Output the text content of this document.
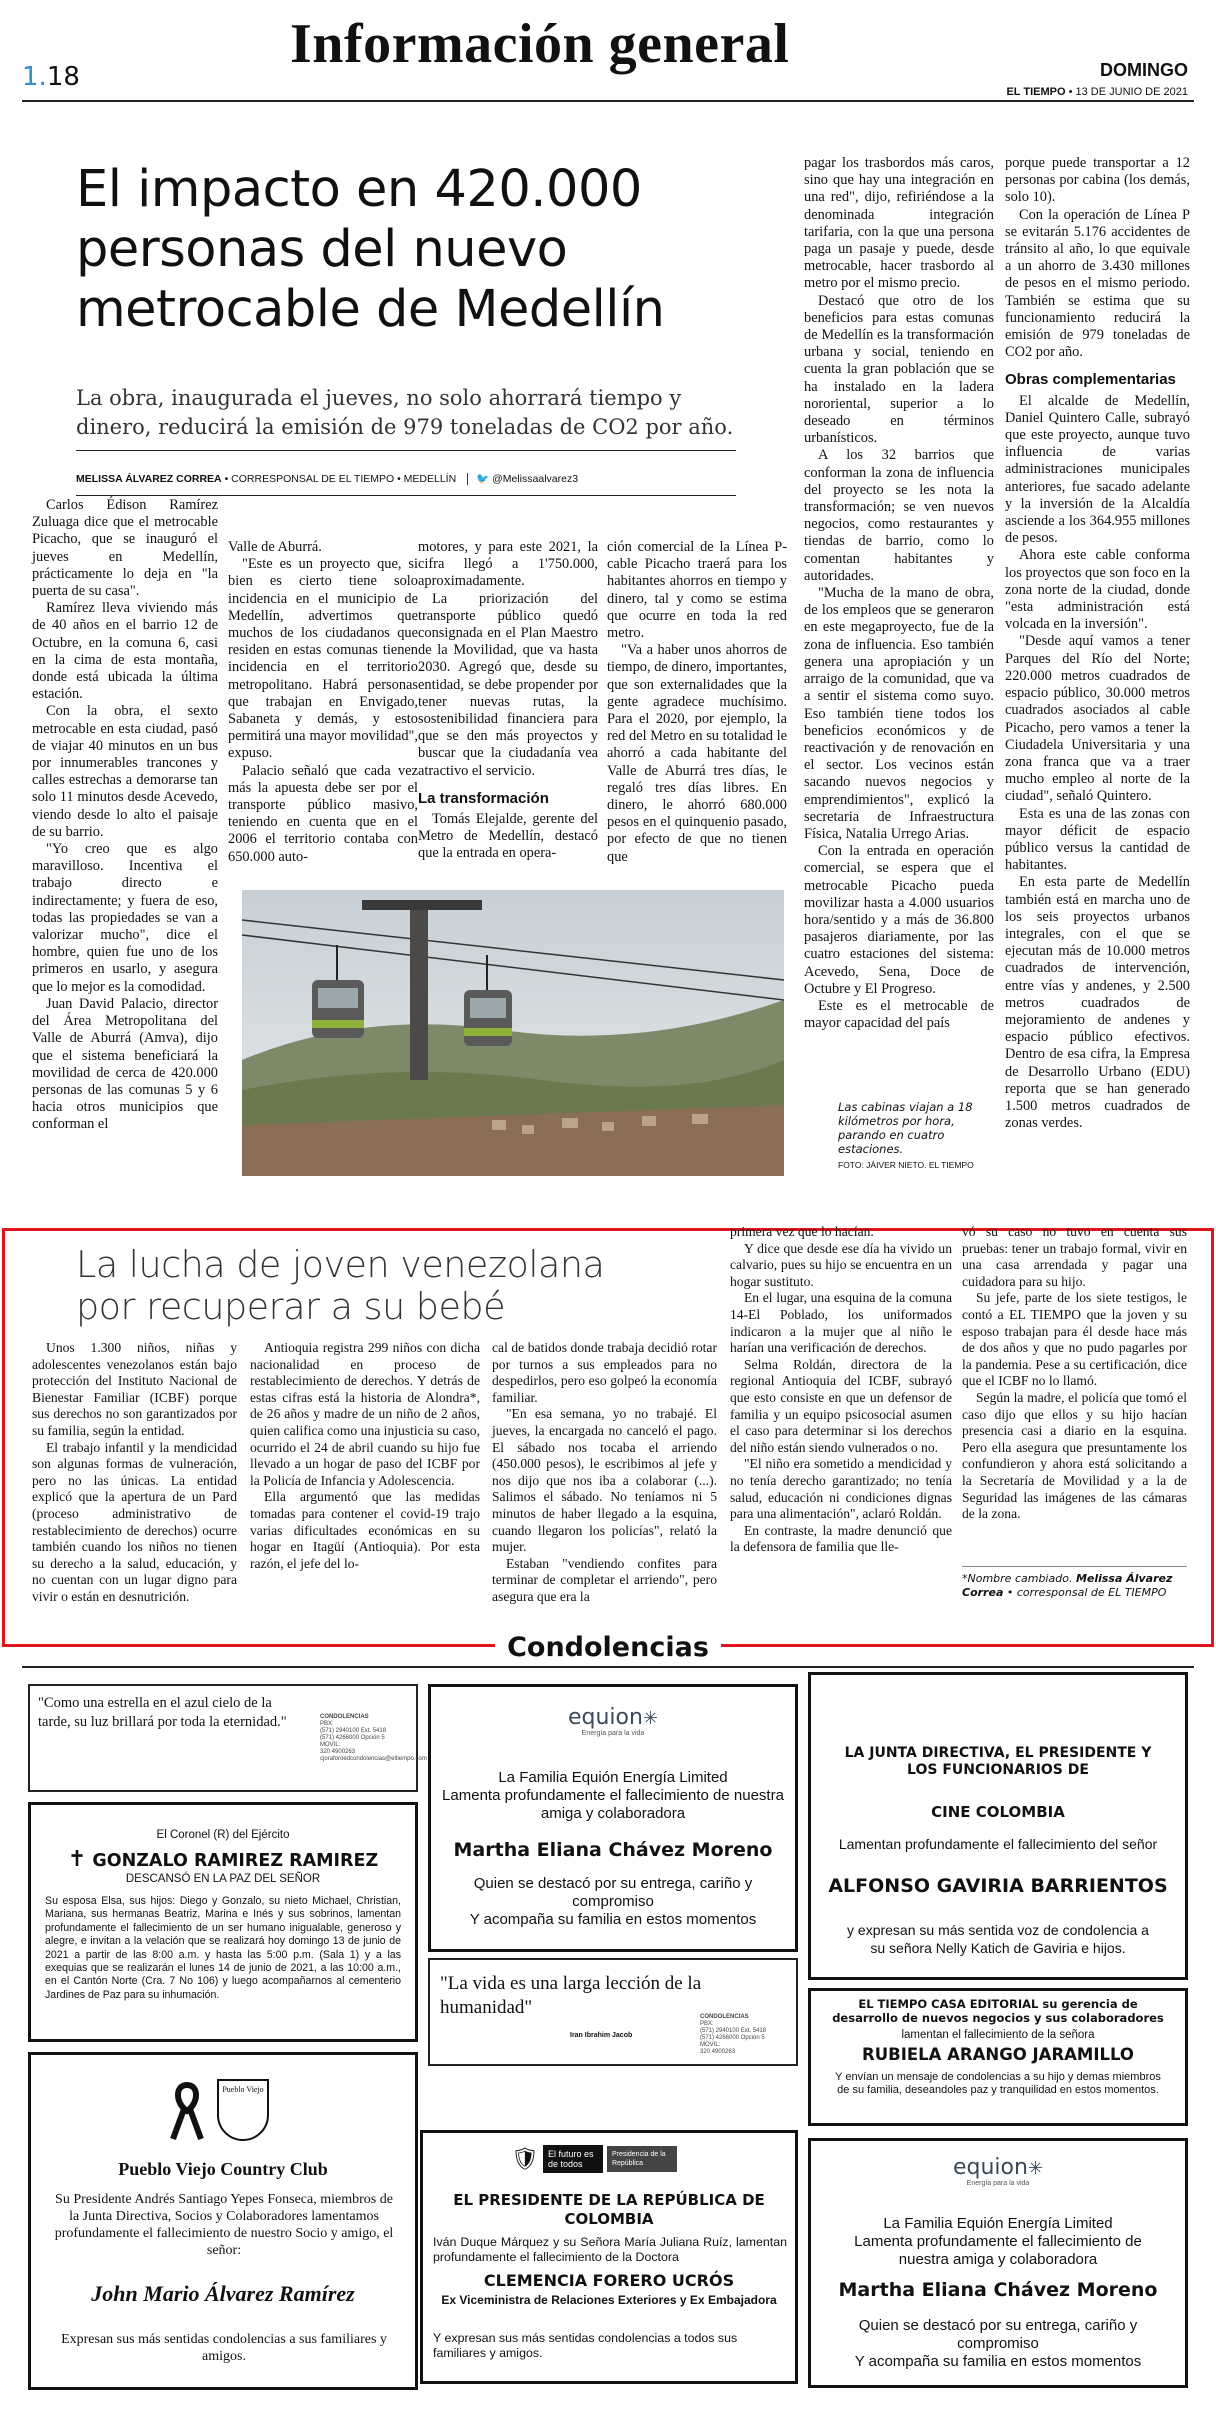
1.18
Información general	DOMINGO
EL TIEMPO • 13 DE JUNIO DE 2021
El impacto en 420.000 personas del nuevo metrocable de Medellín
La obra, inaugurada el jueves, no solo ahorrará tiempo y dinero, reducirá la emisión de 979 toneladas de CO2 por año.
MELISSA ÁLVAREZ CORREA • CORRESPONSAL DE EL TIEMPO • MEDELLÍN 🐦 @Melissaalvarez3

Carlos Édison Ramírez Zuluaga dice que el metrocable Picacho, que se inauguró el jueves en Medellín, prácticamente lo deja en "la puerta de su casa".

Ramírez lleva viviendo más de 40 años en el barrio 12 de Octubre, en la comuna 6, casi en la cima de esta montaña, donde está ubicada la última estación.

Con la obra, el sexto metrocable en esta ciudad, pasó de viajar 40 minutos en un bus por innumerables trancones y calles estrechas a demorarse tan solo 11 minutos desde Acevedo, viendo desde lo alto el paisaje de su barrio.

"Yo creo que es algo maravilloso. Incentiva el trabajo directo e indirectamente; y fuera de eso, todas las propiedades se van a valorizar mucho", dice el hombre, quien fue uno de los primeros en usarlo, y asegura que lo mejor es la comodidad.

Juan David Palacio, director del Área Metropolitana del Valle de Aburrá (Amva), dijo que el sistema beneficiará la movilidad de cerca de 420.000 personas de las comunas 5 y 6 hacia otros municipios que conforman el

Valle de Aburrá.

"Este es un proyecto que, si bien es cierto tiene solo incidencia en el municipio de Medellín, advertimos que muchos de los ciudadanos que residen en estas comunas tienen incidencia en el territorio metropolitano. Habrá personas que trabajan en Envigado, Sabaneta y demás, y esto permitirá una mayor movilidad", expuso.

Palacio señaló que cada vez más la apuesta debe ser por el transporte público masivo, teniendo en cuenta que en el 2006 el territorio contaba con 650.000 auto-

motores, y para este 2021, la cifra llegó a 1'750.000, aproximadamente.

La priorización del transporte público quedó consignada en el Plan Maestro de la Movilidad, que va hasta 2030. Agregó que, desde su entidad, se debe propender por tener nuevas rutas, la sostenibilidad financiera para que se den más proyectos y buscar que la ciudadanía vea atractivo el servicio.

La transformación

Tomás Elejalde, gerente del Metro de Medellín, destacó que la entrada en opera-

ción comercial de la Línea P-cable Picacho traerá para los habitantes ahorros en tiempo y dinero, tal y como se estima que ocurre en toda la red metro.

"Va a haber unos ahorros de tiempo, de dinero, importantes, que son externalidades que la gente agradece muchísimo. Para el 2020, por ejemplo, la red del Metro en su totalidad le ahorró a cada habitante del Valle de Aburrá tres días, le regaló tres días libres. En dinero, le ahorró 680.000 pesos en el quinquenio pasado, por efecto de que no tienen que

pagar los trasbordos más caros, sino que hay una integración en una red", dijo, refiriéndose a la denominada integración tarifaria, con la que una persona paga un pasaje y puede, desde metrocable, hacer trasbordo al metro por el mismo precio.

Destacó que otro de los beneficios para estas comunas de Medellín es la transformación urbana y social, teniendo en cuenta la gran población que se ha instalado en la ladera nororiental, superior a lo deseado en términos urbanísticos.

A los 32 barrios que conforman la zona de influencia del proyecto se les nota la transformación; se ven nuevos negocios, como restaurantes y tiendas de barrio, como lo comentan habitantes y autoridades.

"Mucha de la mano de obra, de los empleos que se generaron en este megaproyecto, fue de la zona de influencia. Eso también genera una apropiación y un arraigo de la comunidad, que va a sentir el sistema como suyo. Eso también tiene todos los beneficios económicos y de reactivación y de renovación en el sector. Los vecinos están sacando nuevos negocios y emprendimientos", explicó la secretaria de Infraestructura Física, Natalia Urrego Arias.

Con la entrada en operación comercial, se espera que el metrocable Picacho pueda movilizar hasta a 4.000 usuarios hora/sentido y a más de 36.800 pasajeros diariamente, por las cuatro estaciones del sistema: Acevedo, Sena, Doce de Octubre y El Progreso.

Este es el metrocable de mayor capacidad del país

porque puede transportar a 12 personas por cabina (los demás, solo 10).

Con la operación de Línea P se evitarán 5.176 accidentes de tránsito al año, lo que equivale a un ahorro de 3.430 millones de pesos en el mismo periodo. También se estima que su funcionamiento reducirá la emisión de 979 toneladas de CO2 por año.

Obras complementarias

El alcalde de Medellín, Daniel Quintero Calle, subrayó que este proyecto, aunque tuvo influencia de varias administraciones municipales anteriores, fue sacado adelante y la inversión de la Alcaldía asciende a los 364.955 millones de pesos.

Ahora este cable conforma los proyectos que son foco en la zona norte de la ciudad, donde "esta administración está volcada en la inversión".

"Desde aquí vamos a tener Parques del Río del Norte; 220.000 metros cuadrados de espacio público, 30.000 metros cuadrados asociados al cable Picacho, pero vamos a tener la Ciudadela Universitaria y una zona franca que va a traer mucho empleo al norte de la ciudad", señaló Quintero.

Esta es una de las zonas con mayor déficit de espacio público versus la cantidad de habitantes.

En esta parte de Medellín también está en marcha uno de los seis proyectos urbanos integrales, con el que se ejecutan más de 10.000 metros cuadrados de intervención, entre vías y andenes, y 2.500 metros cuadrados de mejoramiento de andenes y espacio público efectivos. Dentro de esa cifra, la Empresa de Desarrollo Urbano (EDU) reporta que se han generado 1.500 metros cuadrados de zonas verdes.

Las cabinas viajan a 18 kilómetros por hora, parando en cuatro estaciones.
FOTO: JÁIVER NIETO. EL TIEMPO
La lucha de joven venezolana por recuperar a su bebé

Unos 1.300 niños, niñas y adolescentes venezolanos están bajo protección del Instituto Nacional de Bienestar Familiar (ICBF) porque sus derechos no son garantizados por su familia, según la entidad.

El trabajo infantil y la mendicidad son algunas formas de vulneración, pero no las únicas. La entidad explicó que la apertura de un Pard (proceso administrativo de restablecimiento de derechos) ocurre también cuando los niños no tienen su derecho a la salud, educación, y no cuentan con un lugar digno para vivir o están en desnutrición.

Antioquia registra 299 niños con dicha nacionalidad en proceso de restablecimiento de derechos. Y detrás de estas cifras está la historia de Alondra*, de 26 años y madre de un niño de 2 años, quien califica como una injusticia su caso, ocurrido el 24 de abril cuando su hijo fue llevado a un hogar de paso del ICBF por la Policía de Infancia y Adolescencia.

Ella argumentó que las medidas tomadas para contener el covid-19 trajo varias dificultades económicas en su hogar en Itagüí (Antioquia). Por esta razón, el jefe del lo-

cal de batidos donde trabaja decidió rotar por turnos a sus empleados para no despedirlos, pero eso golpeó la economía familiar.

"En esa semana, yo no trabajé. El jueves, la encargada no canceló el pago. El sábado nos tocaba el arriendo (450.000 pesos), le escribimos al jefe y nos dijo que nos iba a colaborar (...). Salimos el sábado. No teníamos ni 5 minutos de haber llegado a la esquina, cuando llegaron los policías", relató la mujer.

Estaban "vendiendo confites para terminar de completar el arriendo", pero asegura que era la

primera vez que lo hacían.

Y dice que desde ese día ha vivido un calvario, pues su hijo se encuentra en un hogar sustituto.

En el lugar, una esquina de la comuna 14-El Poblado, los uniformados indicaron a la mujer que al niño le harían una verificación de derechos.

Selma Roldán, directora de la regional Antioquia del ICBF, subrayó que esto consiste en que un defensor de familia y un equipo psicosocial asumen el caso para determinar si los derechos del niño están siendo vulnerados o no.

"El niño era sometido a mendicidad y no tenía derecho garantizado; no tenía salud, educación ni condiciones dignas para una alimentación", aclaró Roldán.

En contraste, la madre denunció que la defensora de familia que lle-

vó su caso no tuvo en cuenta sus pruebas: tener un trabajo formal, vivir en una casa arrendada y pagar una cuidadora para su hijo.

Su jefe, parte de los siete testigos, le contó a EL TIEMPO que la joven y su esposo trabajan para él desde hace más de dos años y que no pudo pagarles por la pandemia. Pese a su certificación, dice que el ICBF no lo llamó.

Según la madre, el policía que tomó el caso dijo que ellos y su hijo hacían presencia casi a diario en la esquina. Pero ella asegura que presuntamente los confundieron y ahora está solicitando a la Secretaría de Movilidad y a la de Seguridad las imágenes de las cámaras de la zona.

*Nombre cambiado. Melissa Álvarez Correa • corresponsal de EL TIEMPO
Condolencias
"Como una estrella en el azul cielo de la tarde, su luz brillará por toda la eternidad."	CONDOLENCIAS
PBX:
(571) 2940100 Ext. 5418
(571) 4266000 Opción 5
MOVIL:
320 4900263
cjoraforoedcondolencias@eltiempo.com
equion✳
Energía para la vida
La Familia Equión Energía Limited
Lamenta profundamente el fallecimiento de nuestra amiga y colaboradora
Martha Eliana Chávez Moreno
Quien se destacó por su entrega, cariño y compromiso
Y acompaña su familia en estos momentos
LA JUNTA DIRECTIVA, EL PRESIDENTE Y LOS FUNCIONARIOS DE
CINE COLOMBIA
Lamentan profundamente el fallecimiento del señor
ALFONSO GAVIRIA BARRIENTOS
y expresan su más sentida voz de condolencia a su señora Nelly Katich de Gaviria e hijos.
El Coronel (R) del Ejército
✝ GONZALO RAMIREZ RAMIREZ
DESCANSÓ EN LA PAZ DEL SEÑOR
Su esposa Elsa, sus hijos: Diego y Gonzalo, su nieto Michael, Christian, Mariana, sus hermanas Beatriz, Marina e Inés y sus sobrinos, lamentan profundamente el fallecimiento de un ser humano inigualable, generoso y alegre, e invitan a la velación que se realizará hoy domingo 13 de junio de 2021 a partir de las 8:00 a.m. y hasta las 5:00 p.m. (Sala 1) y a las exequias que se realizarán el lunes 14 de junio de 2021, a las 10:00 a.m., en el Cantón Norte (Cra. 7 No 106) y luego acompañarnos al cementerio Jardines de Paz para su inhumación.
"La vida es una larga lección de la humanidad"
Iran Ibrahim Jacob
CONDOLENCIAS
PBX:
(571) 2940100 Ext. 5418
(571) 4266000 Opción 5
MOVIL:
320 4900263
EL TIEMPO CASA EDITORIAL su gerencia de desarrollo de nuevos negocios y sus colaboradores
lamentan el fallecimiento de la señora
RUBIELA ARANGO JARAMILLO
Y envían un mensaje de condolencias a su hijo y demas miembros de su familia, deseandoles paz y tranquilidad en estos momentos.
Pueblo Viejo
Pueblo Viejo Country Club
Su Presidente Andrés Santiago Yepes Fonseca, miembros de la Junta Directiva, Socios y Colaboradores lamentamos profundamente el fallecimiento de nuestro Socio y amigo, el señor:
John Mario Álvarez Ramírez
Expresan sus más sentidas condolencias a sus familiares y amigos.
🛡	El futuro es de todos
Presidencia de la República
EL PRESIDENTE DE LA REPÚBLICA DE COLOMBIA
Iván Duque Márquez y su Señora María Juliana Ruíz, lamentan profundamente el fallecimiento de la Doctora
CLEMENCIA FORERO UCRÓS
Ex Viceministra de Relaciones Exteriores y Ex Embajadora
Y expresan sus más sentidas condolencias a todos sus familiares y amigos.
equion✳
Energía para la vida
La Familia Equión Energía Limited
Lamenta profundamente el fallecimiento de nuestra amiga y colaboradora
Martha Eliana Chávez Moreno
Quien se destacó por su entrega, cariño y compromiso
Y acompaña su familia en estos momentos
